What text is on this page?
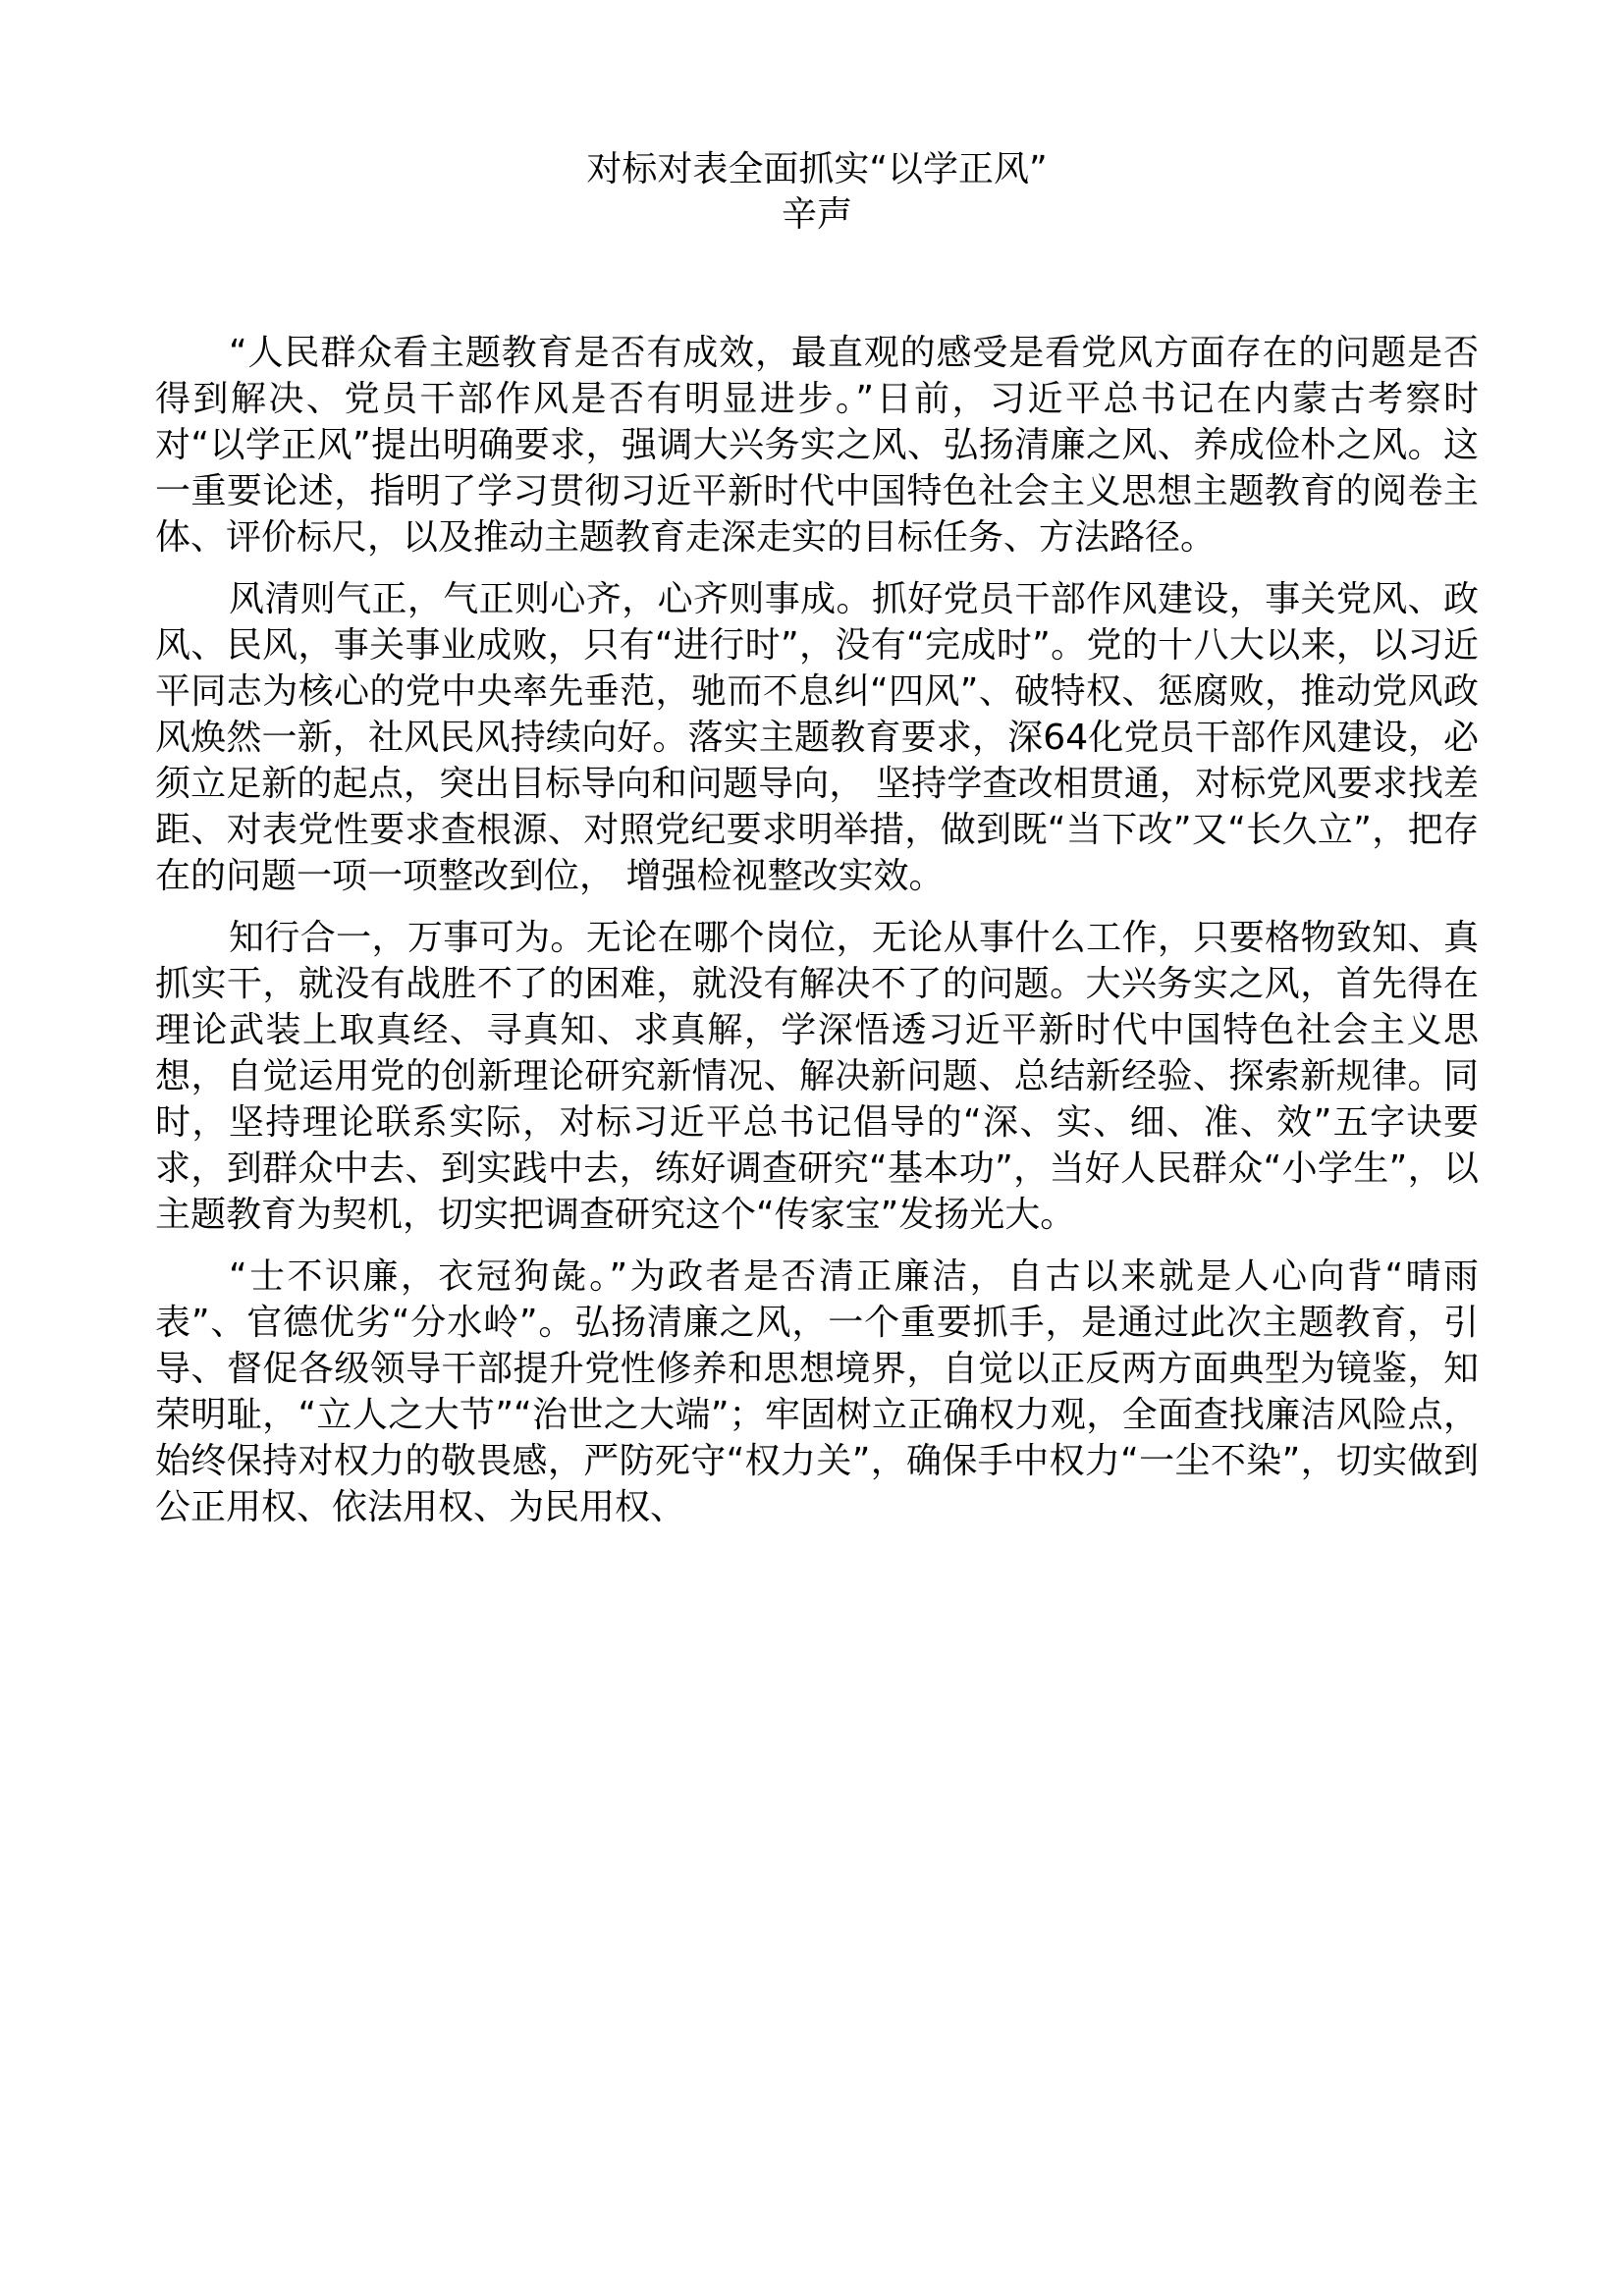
对标对表全面抓实“以学正风”
辛声

“人民群众看主题教育是否有成效，最直观的感受是看党风方面存在的问题是否得到解决、党员干部作风是否有明显进步。”日前，习近平总书记在内蒙古考察时对“以学正风”提出明确要求，强调大兴务实之风、弘扬清廉之风、养成俭朴之风。这一重要论述，指明了学习贯彻习近平新时代中国特色社会主义思想主题教育的阅卷主体、评价标尺，以及推动主题教育走深走实的目标任务、方法路径。

风清则气正，气正则心齐，心齐则事成。抓好党员干部作风建设，事关党风、政风、民风，事关事业成败，只有“进行时”，没有“完成时”。党的十八大以来，以习近平同志为核心的党中央率先垂范，驰而不息纠“四风”、破特权、惩腐败，推动党风政风焕然一新，社风民风持续向好。落实主题教育要求，深64化党员干部作风建设，必须立足新的起点，突出目标导向和问题导向， 坚持学查改相贯通，对标党风要求找差距、对表党性要求查根源、对照党纪要求明举措，做到既“当下改”又“长久立”，把存在的问题一项一项整改到位， 增强检视整改实效。

知行合一，万事可为。无论在哪个岗位，无论从事什么工作，只要格物致知、真抓实干，就没有战胜不了的困难，就没有解决不了的问题。大兴务实之风，首先得在理论武装上取真经、寻真知、求真解，学深悟透习近平新时代中国特色社会主义思想，自觉运用党的创新理论研究新情况、解决新问题、总结新经验、探索新规律。同时，坚持理论联系实际，对标习近平总书记倡导的“深、实、细、准、效”五字诀要求，到群众中去、到实践中去，练好调查研究“基本功”，当好人民群众“小学生”，以主题教育为契机，切实把调查研究这个“传家宝”发扬光大。

“士不识廉，衣冠狗彘。”为政者是否清正廉洁，自古以来就是人心向背“晴雨表”、官德优劣“分水岭”。弘扬清廉之风，一个重要抓手，是通过此次主题教育，引导、督促各级领导干部提升党性修养和思想境界，自觉以正反两方面典型为镜鉴，知荣明耻，“立人之大节”“治世之大端”；牢固树立正确权力观，全面查找廉洁风险点，始终保持对权力的敬畏感，严防死守“权力关”，确保手中权力“一尘不染”，切实做到公正用权、依法用权、为民用权、
